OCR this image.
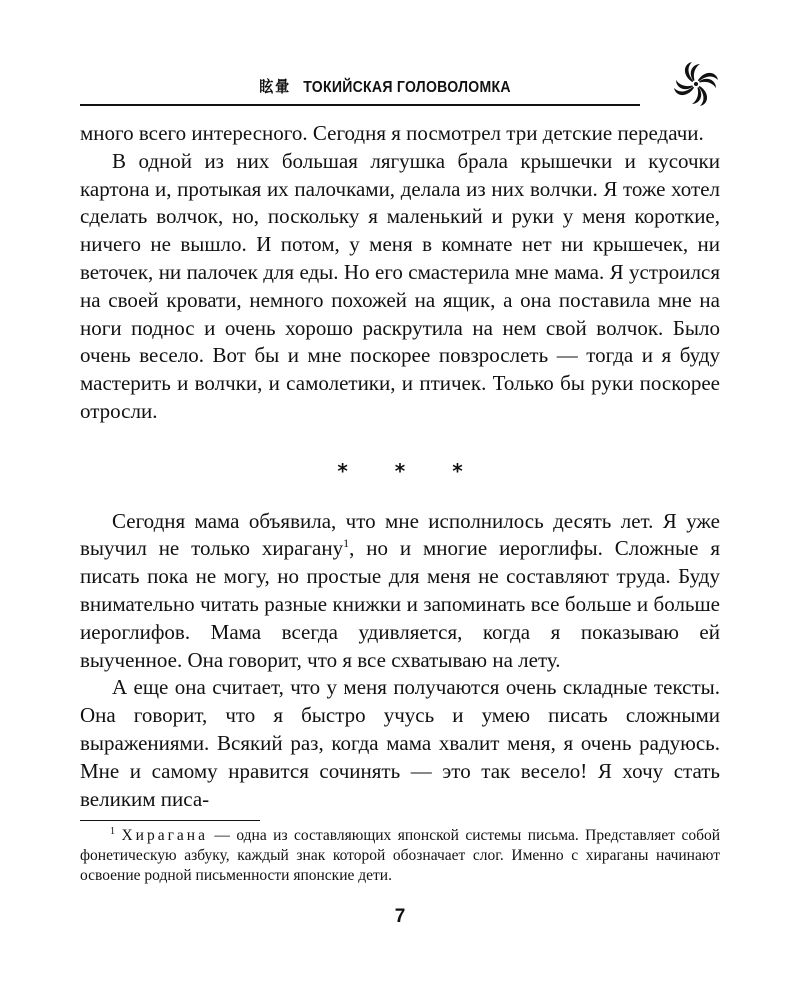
眩暈 ТОКИЙСКАЯ ГОЛОВОЛОМКА

много всего интересного. Сегодня я посмотрел три детские передачи.

В одной из них большая лягушка брала крышечки и кусочки картона и, протыкая их палочками, делала из них волчки. Я тоже хотел сделать волчок, но, поскольку я маленький и руки у меня короткие, ничего не вышло. И потом, у меня в комнате нет ни крышечек, ни веточек, ни палочек для еды. Но его смастерила мне мама. Я устроился на своей кровати, немного похожей на ящик, а она поставила мне на ноги поднос и очень хорошо раскрутила на нем свой волчок. Было очень весело. Вот бы и мне поскорее повзрослеть — тогда и я буду мастерить и волчки, и самолетики, и птичек. Только бы руки поскорее отросли.

* * *

Сегодня мама объявила, что мне исполнилось десять лет. Я уже выучил не только хирагану$^1$, но и многие иероглифы. Сложные я писать пока не могу, но простые для меня не составляют труда. Буду внимательно читать разные книжки и запоминать все больше и больше иероглифов. Мама всегда удивляется, когда я показываю ей выученное. Она говорит, что я все схватываю на лету.

А еще она считает, что у меня получаются очень складные тексты. Она говорит, что я быстро учусь и умею писать сложными выражениями. Всякий раз, когда мама хвалит меня, я очень радуюсь. Мне и самому нравится сочинять — это так весело! Я хочу стать великим писа-

$^1$ Хирагана — одна из составляющих японской системы письма. Представляет собой фонетическую азбуку, каждый знак которой обозначает слог. Именно с хираганы начинают освоение родной письменности японские дети.

7
